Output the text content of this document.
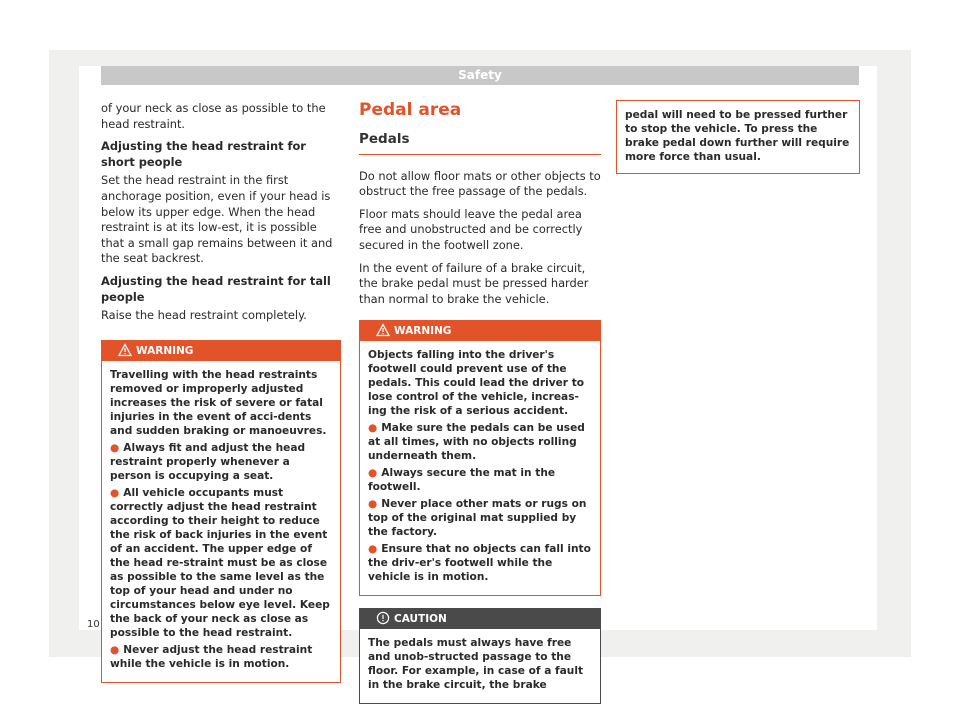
Safety

of your neck as close as possible to the head restraint.

Adjusting the head restraint for short people

Set the head restraint in the first anchorage position, even if your head is below its upper edge. When the head restraint is at its low-est, it is possible that a small gap remains between it and the seat backrest.

Adjusting the head restraint for tall people

Raise the head restraint completely.

WARNING

Travelling with the head restraints removed or improperly adjusted increases the risk of severe or fatal injuries in the event of acci-dents and sudden braking or manoeuvres.

● Always fit and adjust the head restraint properly whenever a person is occupying a seat.

● All vehicle occupants must correctly adjust the head restraint according to their height to reduce the risk of back injuries in the event of an accident. The upper edge of the head re-straint must be as close as possible to the same level as the top of your head and under no circumstances below eye level. Keep the back of your neck as close as possible to the head restraint.

● Never adjust the head restraint while the vehicle is in motion.

Pedal area
Pedals

Do not allow floor mats or other objects to obstruct the free passage of the pedals.

Floor mats should leave the pedal area free and unobstructed and be correctly secured in the footwell zone.

In the event of failure of a brake circuit, the brake pedal must be pressed harder than normal to brake the vehicle.

WARNING

Objects falling into the driver's footwell could prevent use of the pedals. This could lead the driver to lose control of the vehicle, increas-ing the risk of a serious accident.

● Make sure the pedals can be used at all times, with no objects rolling underneath them.

● Always secure the mat in the footwell.

● Never place other mats or rugs on top of the original mat supplied by the factory.

● Ensure that no objects can fall into the driv-er's footwell while the vehicle is in motion.

CAUTION

The pedals must always have free and unob-structed passage to the floor. For example, in case of a fault in the brake circuit, the brake

pedal will need to be pressed further to stop the vehicle. To press the brake pedal down further will require more force than usual.

10
